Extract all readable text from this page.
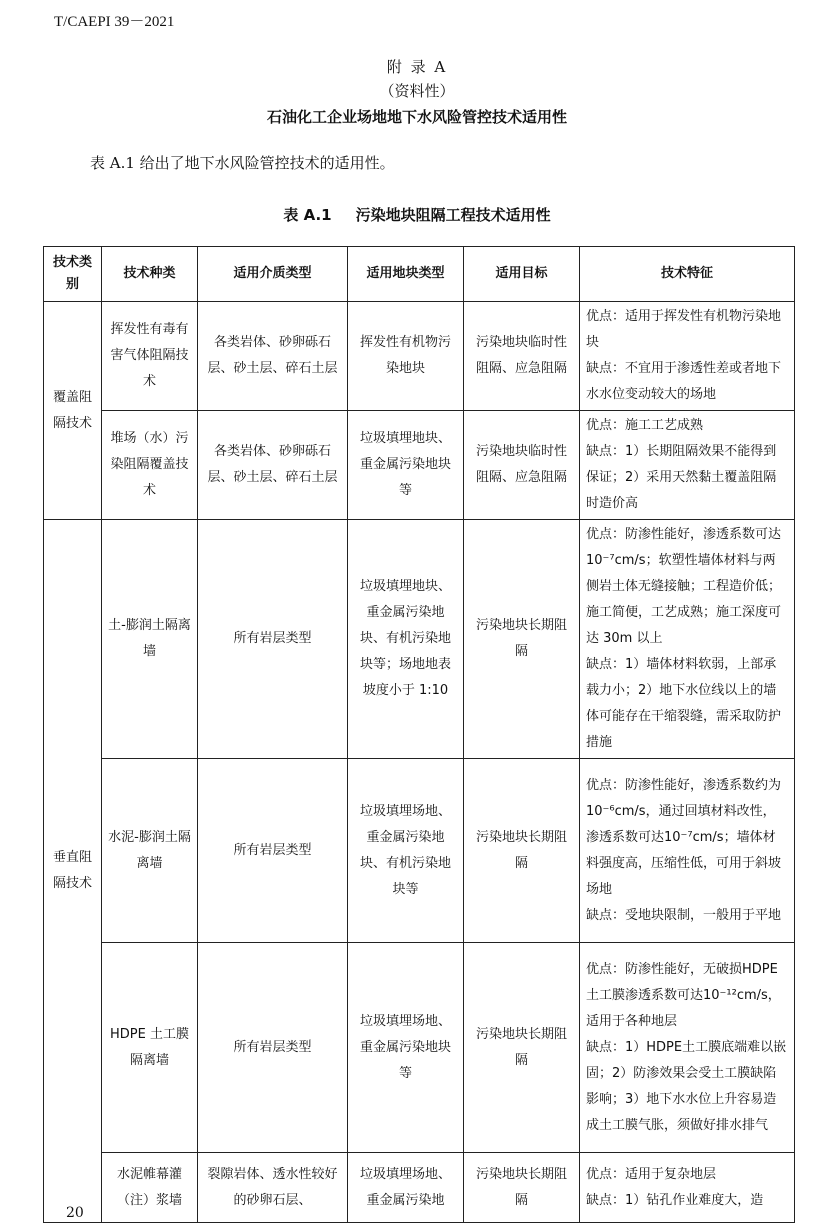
T/CAEPI 39－2021
附 录 A
（资料性）
石油化工企业场地地下水风险管控技术适用性
表 A.1 给出了地下水风险管控技术的适用性。
表 A.1 污染地块阻隔工程技术适用性
技术类别	技术种类	适用介质类型	适用地块类型	适用目标	技术特征
覆盖阻隔技术	挥发性有毒有害气体阻隔技术	各类岩体、砂卵砾石层、砂土层、碎石土层	挥发性有机物污染地块	污染地块临时性阻隔、应急阻隔	优点：适用于挥发性有机物污染地块
缺点：不宜用于渗透性差或者地下水水位变动较大的场地

	堆场（水）污染阻隔覆盖技术	各类岩体、砂卵砾石层、砂土层、碎石土层	垃圾填埋地块、重金属污染地块等	污染地块临时性阻隔、应急阻隔	优点：施工工艺成熟
缺点：1）长期阻隔效果不能得到保证；2）采用天然黏土覆盖阻隔时造价高

垂直阻隔技术	土-膨润土隔离墙	所有岩层类型	垃圾填埋地块、重金属污染地块、有机污染地块等；场地地表坡度小于 1:10	污染地块长期阻隔	优点：防渗性能好，渗透系数可达 10⁻⁷cm/s；软塑性墙体材料与两侧岩土体无缝接触；工程造价低；施工简便，工艺成熟；施工深度可达 30m 以上
缺点：1）墙体材料软弱，上部承载力小；2）地下水位线以上的墙体可能存在干缩裂缝，需采取防护措施

	水泥-膨润土隔离墙	所有岩层类型	垃圾填埋场地、重金属污染地块、有机污染地块等	污染地块长期阻隔	优点：防渗性能好，渗透系数约为10⁻⁶cm/s，通过回填材料改性，渗透系数可达10⁻⁷cm/s；墙体材料强度高，压缩性低，可用于斜坡场地
缺点：受地块限制，一般用于平地

	HDPE 土工膜隔离墙	所有岩层类型	垃圾填埋场地、重金属污染地块等	污染地块长期阻隔	优点：防渗性能好，无破损HDPE土工膜渗透系数可达10⁻¹²cm/s，适用于各种地层
缺点：1）HDPE土工膜底端难以嵌固；2）防渗效果会受土工膜缺陷影响；3）地下水水位上升容易造成土工膜气胀，须做好排水排气

	水泥帷幕灌（注）浆墙	裂隙岩体、透水性较好的砂卵石层、	垃圾填埋场地、重金属污染地	污染地块长期阻隔	优点：适用于复杂地层
缺点：1）钻孔作业难度大，造
20
